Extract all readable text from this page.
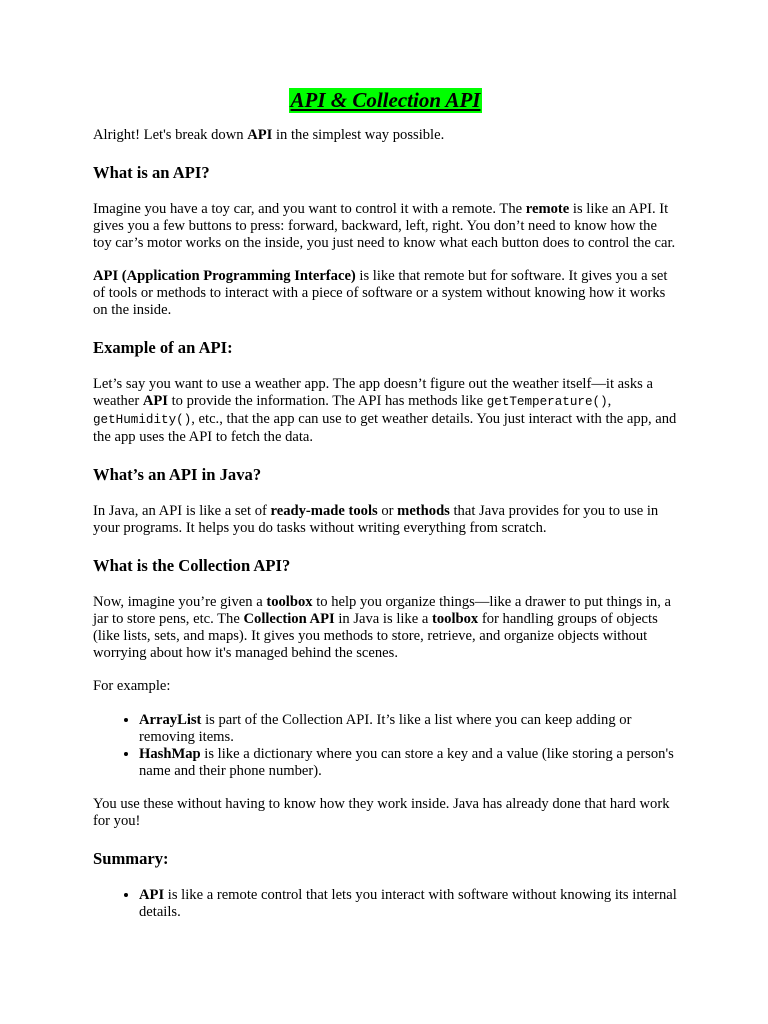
API & Collection API

Alright! Let's break down API in the simplest way possible.

What is an API?

Imagine you have a toy car, and you want to control it with a remote. The remote is like an API. It gives you a few buttons to press: forward, backward, left, right. You don’t need to know how the toy car’s motor works on the inside, you just need to know what each button does to control the car.

API (Application Programming Interface) is like that remote but for software. It gives you a set of tools or methods to interact with a piece of software or a system without knowing how it works on the inside.

Example of an API:

Let’s say you want to use a weather app. The app doesn’t figure out the weather itself—it asks a weather API to provide the information. The API has methods like getTemperature(), getHumidity(), etc., that the app can use to get weather details. You just interact with the app, and the app uses the API to fetch the data.

What’s an API in Java?

In Java, an API is like a set of ready-made tools or methods that Java provides for you to use in your programs. It helps you do tasks without writing everything from scratch.

What is the Collection API?

Now, imagine you’re given a toolbox to help you organize things—like a drawer to put things in, a jar to store pens, etc. The Collection API in Java is like a toolbox for handling groups of objects (like lists, sets, and maps). It gives you methods to store, retrieve, and organize objects without worrying about how it's managed behind the scenes.

For example:

• ArrayList is part of the Collection API. It’s like a list where you can keep adding or removing items.
• HashMap is like a dictionary where you can store a key and a value (like storing a person's name and their phone number).

You use these without having to know how they work inside. Java has already done that hard work for you!

Summary:
• API is like a remote control that lets you interact with software without knowing its internal details.
